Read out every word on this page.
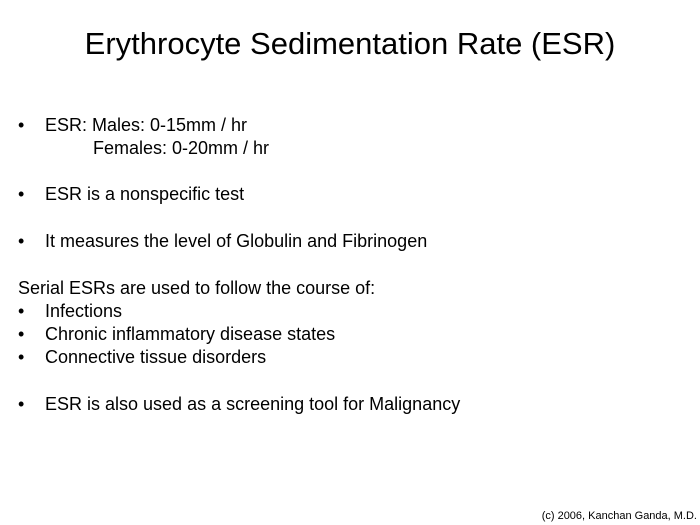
Erythrocyte Sedimentation Rate (ESR)
• ESR: Males: 0-15mm / hr
Females: 0-20mm / hr
• ESR is a nonspecific test
• It measures the level of Globulin and Fibrinogen
Serial ESRs are used to follow the course of:
• Infections
• Chronic inflammatory disease states
• Connective tissue disorders
• ESR is also used as a screening tool for Malignancy
(c) 2006, Kanchan Ganda, M.D.
